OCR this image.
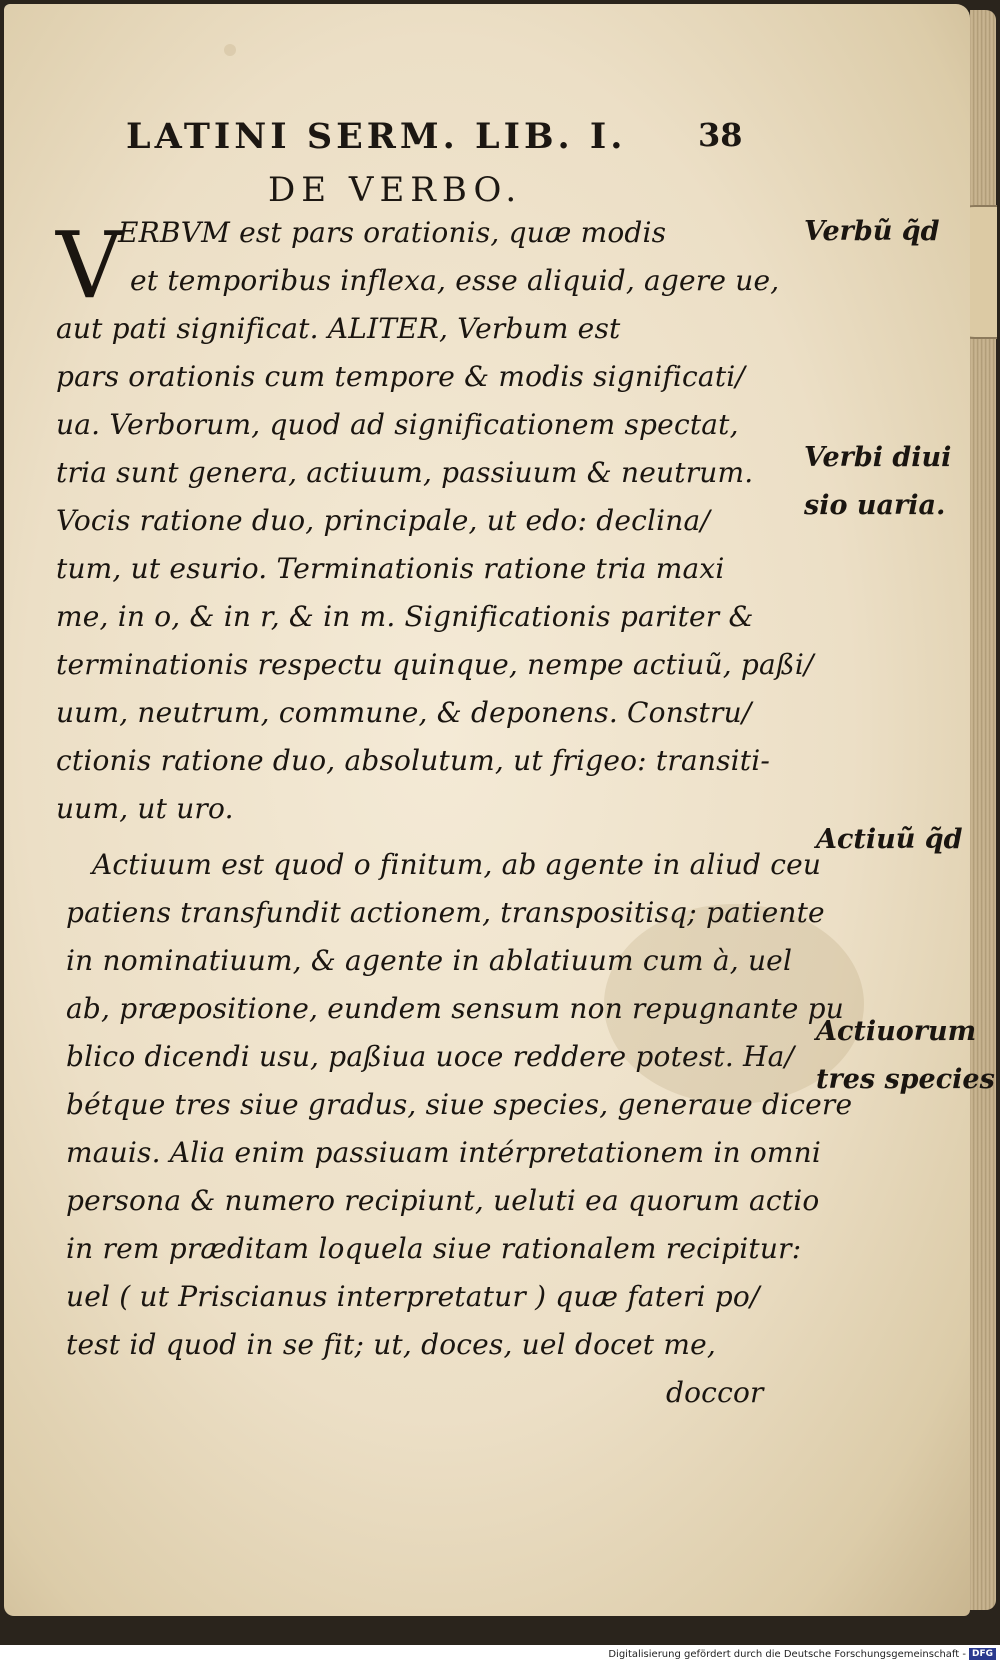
LATINI SERM. LIB. I. 38
DE VERBO.
V
ERBVM est pars orationis, quæ modis
et temporibus inflexa, esse aliquid, agere ue,
aut pati significat. ALITER, Verbum est
pars orationis cum tempore & modis significati/
ua. Verborum, quod ad significationem spectat,
tria sunt genera, actiuum, passiuum & neutrum.
Vocis ratione duo, principale, ut edo: declina/
tum, ut esurio. Terminationis ratione tria maxi
me, in o, & in r, & in m. Significationis pariter &
terminationis respectu quinque, nempe actiuũ, paßi/
uum, neutrum, commune, & deponens. Constru/
ctionis ratione duo, absolutum, ut frigeo: transiti-
uum, ut uro.
Actiuum est quod o finitum, ab agente in aliud ceu
patiens transfundit actionem, transpositisq; patiente
in nominatiuum, & agente in ablatiuum cum à, uel
ab, præpositione, eundem sensum non repugnante pu
blico dicendi usu, paßiua uoce reddere potest. Ha/
bétque tres siue gradus, siue species, generaue dicere
mauis. Alia enim passiuam intérpretationem in omni
persona & numero recipiunt, ueluti ea quorum actio
in rem præditam loquela siue rationalem recipitur:
uel ( ut Priscianus interpretatur ) quæ fateri po/
test id quod in se fit; ut, doces, uel docet me,
doccor
Verbũ q̃d
Verbi diui
sio uaria.
Actiuũ q̃d
Actiuorum
tres species
Digitalisierung gefördert durch die Deutsche Forschungsgemeinschaft - DFG
